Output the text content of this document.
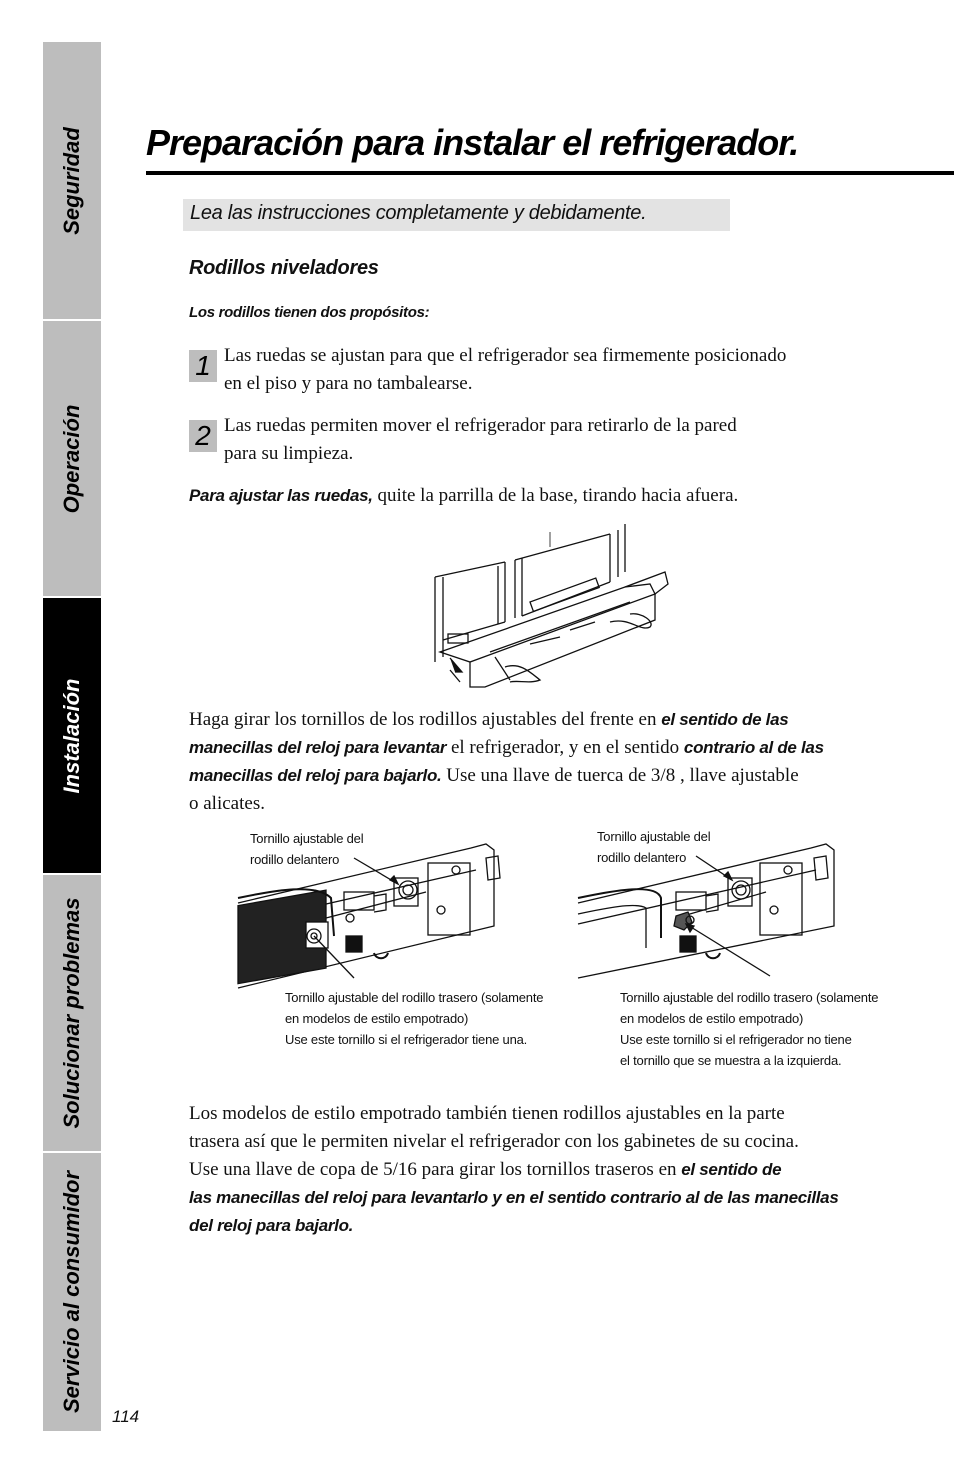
Seguridad
Operación
Instalación
Solucionar problemas
Servicio al consumidor
114
Preparación para instalar el refrigerador.
Lea las instrucciones completamente y debidamente.
Rodillos niveladores
Los rodillos tienen dos propósitos:
1 Las ruedas se ajustan para que el refrigerador sea firmemente posicionado
en el piso y para no tambalearse.
2 Las ruedas permiten mover el refrigerador para retirarlo de la pared
para su limpieza.
Para ajustar las ruedas, quite la parrilla de la base, tirando hacia afuera.
Haga girar los tornillos de los rodillos ajustables del frente en el sentido de las
manecillas del reloj para levantar el refrigerador, y en el sentido contrario al de las
manecillas del reloj para bajarlo. Use una llave de tuerca de 3/8 , llave ajustable
o alicates.
Tornillo ajustable del
rodillo delantero
Tornillo ajustable del rodillo trasero (solamente
en modelos de estilo empotrado)
Use este tornillo si el refrigerador tiene una.
Tornillo ajustable del
rodillo delantero
Tornillo ajustable del rodillo trasero (solamente
en modelos de estilo empotrado)
Use este tornillo si el refrigerador no tiene
el tornillo que se muestra a la izquierda.
Los modelos de estilo empotrado también tienen rodillos ajustables en la parte
trasera así que le permiten nivelar el refrigerador con los gabinetes de su cocina.
Use una llave de copa de 5/16 para girar los tornillos traseros en el sentido de
las manecillas del reloj para levantarlo y en el sentido contrario al de las manecillas
del reloj para bajarlo.
